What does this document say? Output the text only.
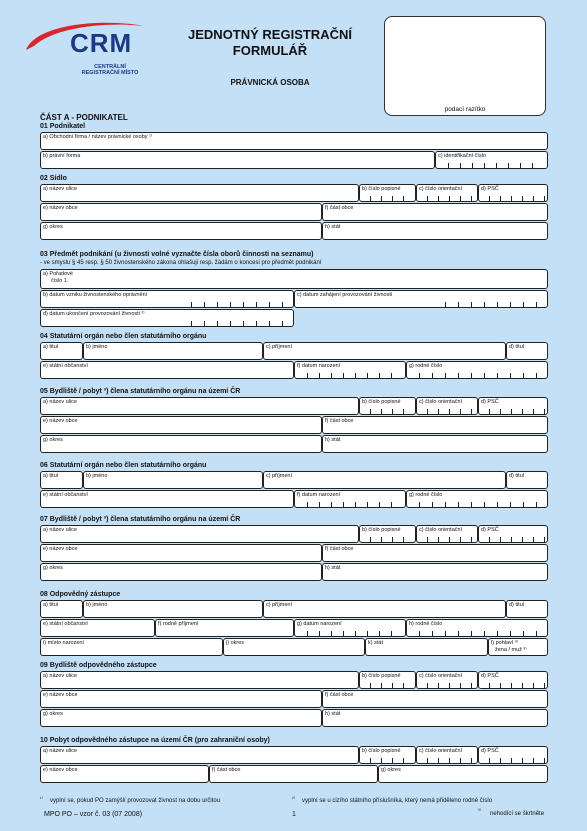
CRM
CENTRÁLNÍ
REGISTRAČNÍ MÍSTO
JEDNOTNÝ REGISTRAČNÍ
FORMULÁŘ
PRÁVNICKÁ OSOBA
podací razítko
ČÁST A - PODNIKATEL
01 Podnikatel
a) Obchodní firma / název právnické osoby ¹⁾
b) právní forma	c) identifikační číslo
02 Sídlo
a) název ulice	b) číslo popisné	c) číslo orientační	d) PSČ
e) název obce	f) část obce
g) okres	h) stát
03 Předmět podnikání (u živnosti volné vyznačte čísla oborů činnosti na seznamu)
- ve smyslu § 45 resp. § 50 živnostenského zákona ohlašuji resp. žádám o koncesi pro předmět podnikání
a) Pořadové
číslo 1.
b) datum vzniku živnostenského oprávnění	c) datum zahájení provozování živnosti
d) datum ukončení provozování živnosti ²⁾
04 Statutární orgán nebo člen statutárního orgánu
a) titul	b) jméno	c) příjmení	d) titul
e) státní občanství	f) datum narození	g) rodné číslo
05 Bydliště / pobyt ³) člena statutárního orgánu na území ČR
a) název ulice	b) číslo popisné	c) číslo orientační	d) PSČ
e) název obce	f) část obce
g) okres	h) stát
06 Statutární orgán nebo člen statutárního orgánu
a) titul	b) jméno	c) příjmení	d) titul
e) státní občanství	f) datum narození	g) rodné číslo
07 Bydliště / pobyt ³) člena statutárního orgánu na území ČR
a) název ulice	b) číslo popisné	c) číslo orientační	d) PSČ
e) název obce	f) část obce
g) okres	h) stát
08 Odpovědný zástupce
a) titul	b) jméno	c) příjmení	d) titul
e) státní občanství	f) rodné příjmení	g) datum narození	h) rodné číslo
i) místo narození	j) okres	k) stát	l) pohlaví ³⁾
žena / muž ³⁾
09 Bydliště odpovědného zástupce
a) název ulice	b) číslo popisné	c) číslo orientační	d) PSČ
e) název obce	f) část obce
g) okres	h) stát
10 Pobyt odpovědného zástupce na území ČR (pro zahraniční osoby)
a) název ulice	b) číslo popisné	c) číslo orientační	d) PSČ
e) název obce	f) část obce	g) okres
¹⁾ vyplní se, pokud PO zamýšlí provozovat živnost na dobu určitou	²⁾ vyplní se u cizího státního příslušníka, který nemá přiděleno rodné číslo
MPO PO – vzor č. 03 (07 2008)	1	³⁾ nehodící se škrtněte
